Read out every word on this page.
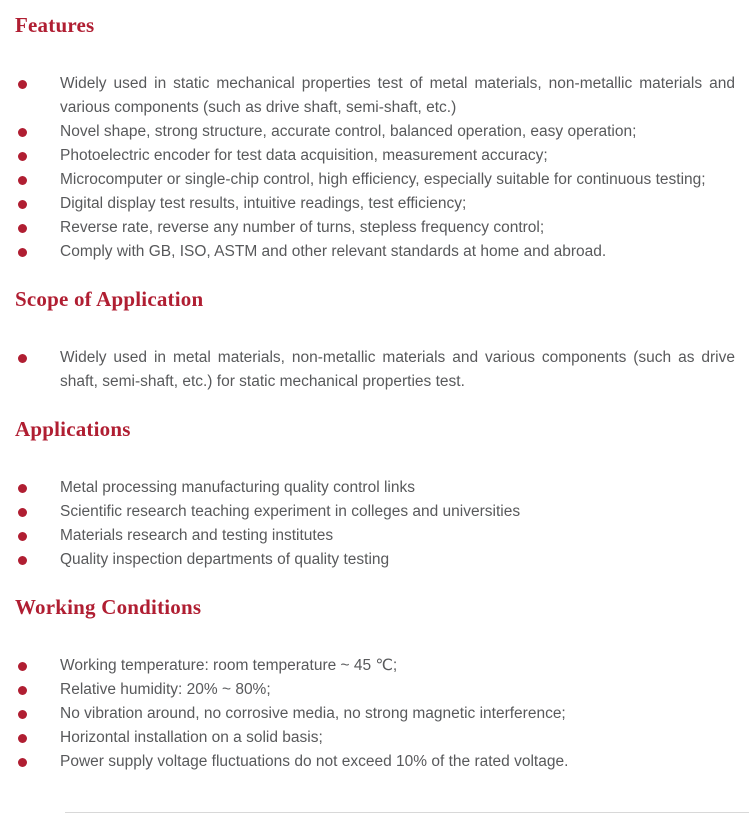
Features
Widely used in static mechanical properties test of metal materials, non-metallic materials and various components (such as drive shaft, semi-shaft, etc.)
Novel shape, strong structure, accurate control, balanced operation, easy operation;
Photoelectric encoder for test data acquisition, measurement accuracy;
Microcomputer or single-chip control, high efficiency, especially suitable for continuous testing;
Digital display test results, intuitive readings, test efficiency;
Reverse rate, reverse any number of turns, stepless frequency control;
Comply with GB, ISO, ASTM and other relevant standards at home and abroad.
Scope of Application
Widely used in metal materials, non-metallic materials and various components (such as drive shaft, semi-shaft, etc.) for static mechanical properties test.
Applications
Metal processing manufacturing quality control links
Scientific research teaching experiment in colleges and universities
Materials research and testing institutes
Quality inspection departments of quality testing
Working Conditions
Working temperature: room temperature ~ 45 ℃;
Relative humidity: 20% ~ 80%;
No vibration around, no corrosive media, no strong magnetic interference;
Horizontal installation on a solid basis;
Power supply voltage fluctuations do not exceed 10% of the rated voltage.
